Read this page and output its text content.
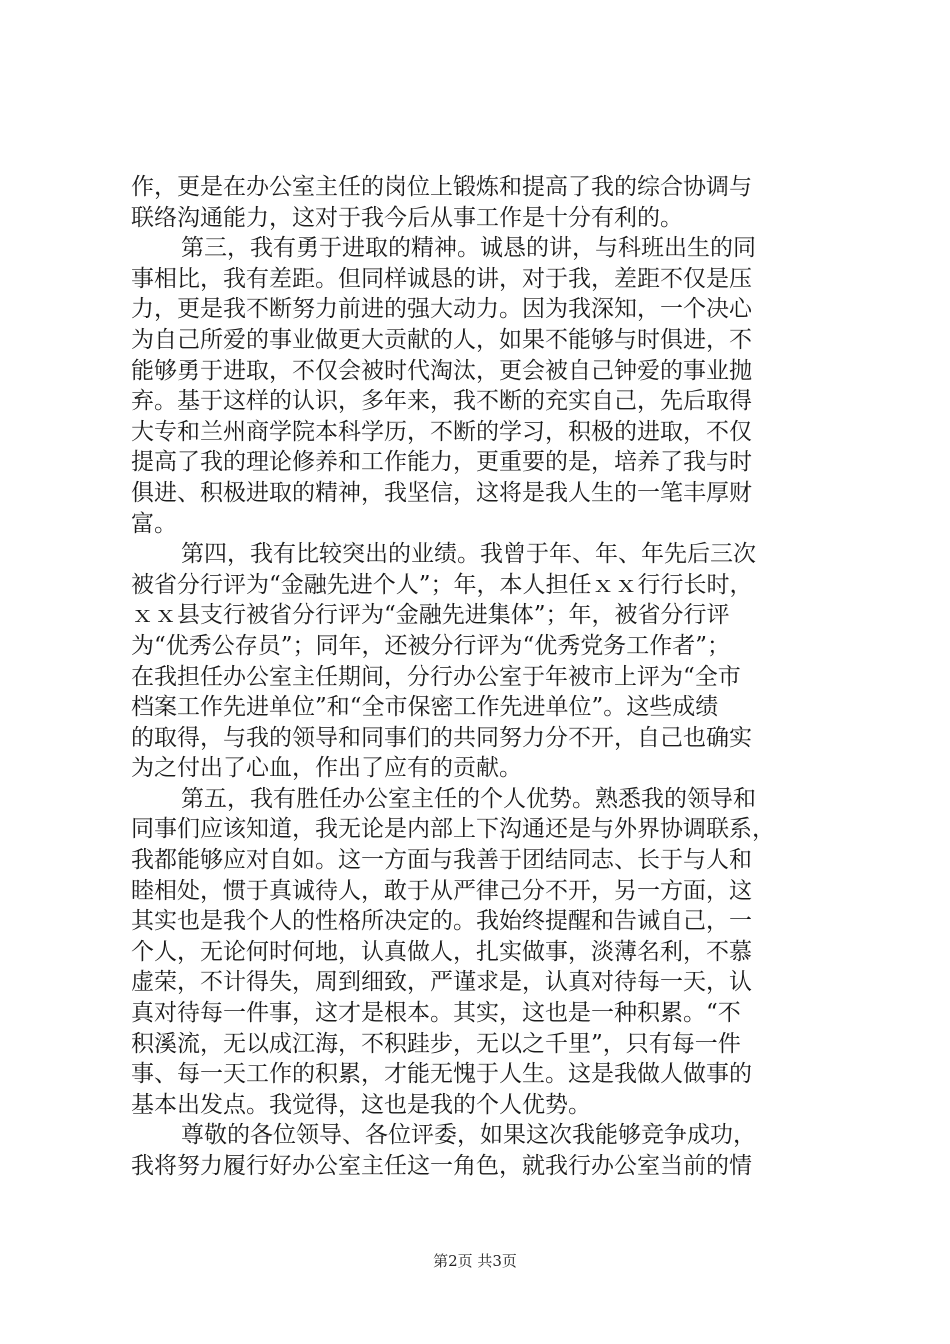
作，更是在办公室主任的岗位上锻炼和提高了我的综合协调与
联络沟通能力，这对于我今后从事工作是十分有利的。
第三，我有勇于进取的精神。诚恳的讲，与科班出生的同
事相比，我有差距。但同样诚恳的讲，对于我，差距不仅是压
力，更是我不断努力前进的强大动力。因为我深知，一个决心
为自己所爱的事业做更大贡献的人，如果不能够与时俱进，不
能够勇于进取，不仅会被时代淘汰，更会被自己钟爱的事业抛
弃。基于这样的认识，多年来，我不断的充实自己，先后取得
大专和兰州商学院本科学历，不断的学习，积极的进取，不仅
提高了我的理论修养和工作能力，更重要的是，培养了我与时
俱进、积极进取的精神，我坚信，这将是我人生的一笔丰厚财
富。
第四，我有比较突出的业绩。我曾于年、年、年先后三次
被省分行评为“金融先进个人”；年，本人担任ｘｘ行行长时，
ｘｘ县支行被省分行评为“金融先进集体”；年，被省分行评
为“优秀公存员”；同年，还被分行评为“优秀党务工作者”；
在我担任办公室主任期间，分行办公室于年被市上评为“全市
档案工作先进单位”和“全市保密工作先进单位”。这些成绩
的取得，与我的领导和同事们的共同努力分不开，自己也确实
为之付出了心血，作出了应有的贡献。
第五，我有胜任办公室主任的个人优势。熟悉我的领导和
同事们应该知道，我无论是内部上下沟通还是与外界协调联系，
我都能够应对自如。这一方面与我善于团结同志、长于与人和
睦相处，惯于真诚待人，敢于从严律己分不开，另一方面，这
其实也是我个人的性格所决定的。我始终提醒和告诫自己，一
个人，无论何时何地，认真做人，扎实做事，淡薄名利，不慕
虚荣，不计得失，周到细致，严谨求是，认真对待每一天，认
真对待每一件事，这才是根本。其实，这也是一种积累。“不
积溪流，无以成江海，不积跬步，无以之千里”，只有每一件
事、每一天工作的积累，才能无愧于人生。这是我做人做事的
基本出发点。我觉得，这也是我的个人优势。
尊敬的各位领导、各位评委，如果这次我能够竞争成功，
我将努力履行好办公室主任这一角色，就我行办公室当前的情
第2页 共3页
